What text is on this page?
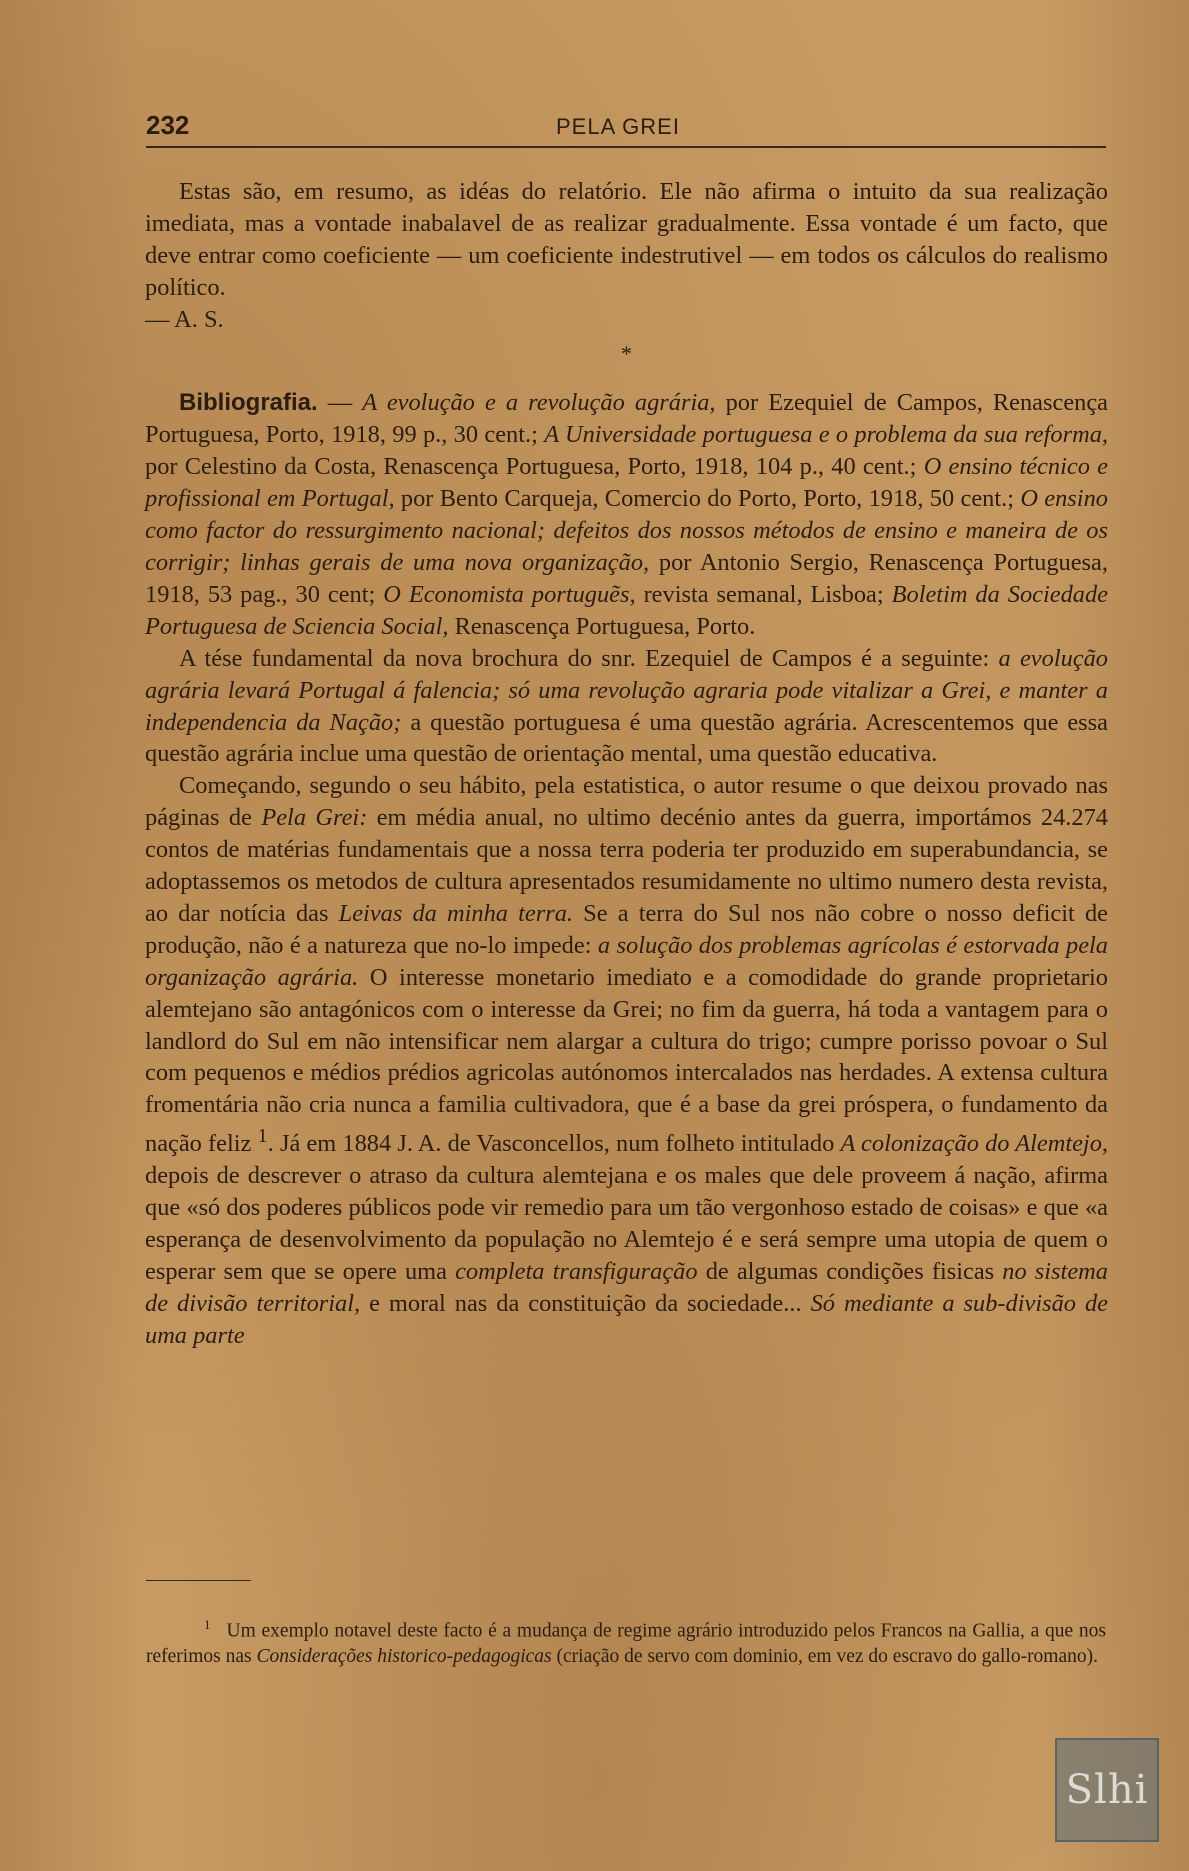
232	PELA GREI

Estas são, em resumo, as idéas do relatório. Ele não afirma o intuito da sua realização imediata, mas a vontade inabalavel de as realizar gradualmente. Essa vontade é um facto, que deve entrar como coeficiente — um coeficiente indestrutivel — em todos os cálculos do realismo político.

— A. S.

*

Bibliografia. — A evolução e a revolução agrária, por Ezequiel de Campos, Renascença Portuguesa, Porto, 1918, 99 p., 30 cent.; A Universidade portuguesa e o problema da sua reforma, por Celestino da Costa, Renascença Portuguesa, Porto, 1918, 104 p., 40 cent.; O ensino técnico e profissional em Portugal, por Bento Carqueja, Comercio do Porto, Porto, 1918, 50 cent.; O ensino como factor do ressurgimento nacional; defeitos dos nossos métodos de ensino e maneira de os corrigir; linhas gerais de uma nova organização, por Antonio Sergio, Renascença Portuguesa, 1918, 53 pag., 30 cent; O Economista portuguẽs, revista semanal, Lisboa; Boletim da Sociedade Portuguesa de Sciencia Social, Renascença Portuguesa, Porto.

A tése fundamental da nova brochura do snr. Ezequiel de Campos é a seguinte: a evolução agrária levará Portugal á falencia; só uma revolução agraria pode vitalizar a Grei, e manter a independencia da Nação; a questão portuguesa é uma questão agrária. Acrescentemos que essa questão agrária inclue uma questão de orientação mental, uma questão educativa.

Começando, segundo o seu hábito, pela estatistica, o autor resume o que deixou provado nas páginas de Pela Grei: em média anual, no ultimo decénio antes da guerra, importámos 24.274 contos de matérias fundamentais que a nossa terra poderia ter produzido em superabundancia, se adoptassemos os metodos de cultura apresentados resumidamente no ultimo numero desta revista, ao dar notícia das Leivas da minha terra. Se a terra do Sul nos não cobre o nosso deficit de produção, não é a natureza que no-lo impede: a solução dos problemas agrícolas é estorvada pela organização agrária. O interesse monetario imediato e a comodidade do grande proprietario alemtejano são antagónicos com o interesse da Grei; no fim da guerra, há toda a vantagem para o landlord do Sul em não intensificar nem alargar a cultura do trigo; cumpre porisso povoar o Sul com pequenos e médios prédios agricolas autónomos intercalados nas herdades. A extensa cultura fromentária não cria nunca a familia cultivadora, que é a base da grei próspera, o fundamento da nação feliz $^1$. Já em 1884 J. A. de Vasconcellos, num folheto intitulado A colonização do Alemtejo, depois de descrever o atraso da cultura alemtejana e os males que dele proveem á nação, afirma que «só dos poderes públicos pode vir remedio para um tão vergonhoso estado de coisas» e que «a esperança de desenvolvimento da população no Alemtejo é e será sempre uma utopia de quem o esperar sem que se opere uma completa transfiguração de algumas condições fisicas no sistema de divisão territorial, e moral nas da constituição da sociedade... Só mediante a sub-divisão de uma parte

$^1$ Um exemplo notavel deste facto é a mudança de regime agrário introduzido pelos Francos na Gallia, a que nos referimos nas Considerações historico-pedagogicas (criação de servo com dominio, em vez do escravo do gallo-romano).
Slhi
